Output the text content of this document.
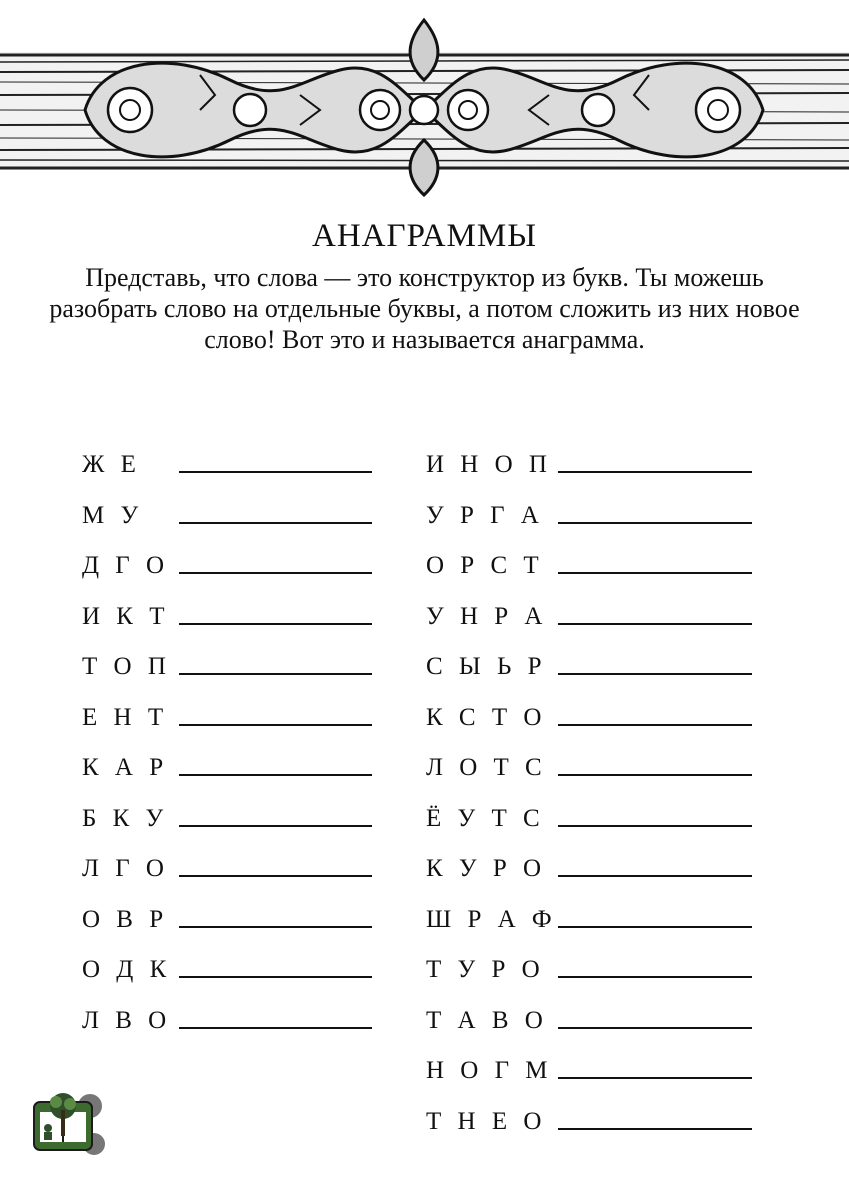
АНАГРАММЫ
Представь, что слова — это конструктор из букв. Ты можешь разобрать слово на отдельные буквы, а потом сложить из них новое слово! Вот это и называется анаграмма.
Ж Е
М У
Д Г О
И К Т
Т О П
Е Н Т
К А Р
Б К У
Л Г О
О В Р
О Д К
Л В О
И Н О П
У Р Г А
О Р С Т
У Н Р А
С Ы Ь Р
К С Т О
Л О Т С
Ё У Т С
К У Р О
Ш Р А Ф
Т У Р О
Т А В О
Н О Г М
Т Н Е О
